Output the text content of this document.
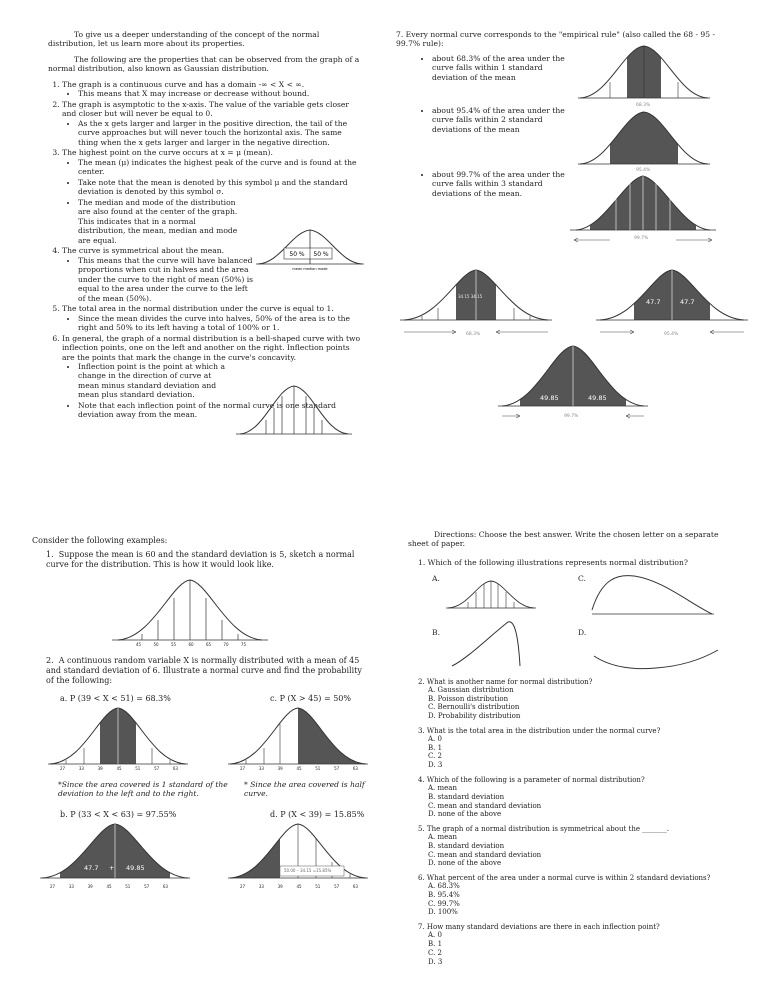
To give us a deeper understanding of the concept of the normal distribution, let us learn more about its properties.

The following are the properties that can be observed from the graph of a normal distribution, also known as Gaussian distribution.

1. The graph is a continuous curve and has a domain -∞ < X < ∞.
• This means that X may increase or decrease without bound.
2. The graph is asymptotic to the x-axis. The value of the variable gets closer and closer but will never be equal to 0.
• As the x gets larger and larger in the positive direction, the tail of the curve approaches but will never touch the horizontal axis. The same thing when the x gets larger and larger in the negative direction.
3. The highest point on the curve occurs at x = μ (mean).
• The mean (μ) indicates the highest peak of the curve and is found at the center.
• Take note that the mean is denoted by this symbol μ and the standard deviation is denoted by this symbol σ.
• The median and mode of the distribution are also found at the center of the graph. This indicates that in a normal distribution, the mean, median and mode are equal.
4. The curve is symmetrical about the mean.
• This means that the curve will have balanced proportions when cut in halves and the area under the curve to the right of mean (50%) is equal to the area under the curve to the left of the mean (50%).
5. The total area in the normal distribution under the curve is equal to 1.
• Since the mean divides the curve into halves, 50% of the area is to the right and 50% to its left having a total of 100% or 1.
6. In general, the graph of a normal distribution is a bell-shaped curve with two inflection points, one on the left and another on the right. Inflection points are the points that mark the change in the curve's concavity.
• Inflection point is the point at which a change in the direction of curve at mean minus standard deviation and mean plus standard deviation.
• Note that each inflection point of the normal curve is one standard deviation away from the mean.
50 % 50 %
mean median mode

7. Every normal curve corresponds to the "empirical rule" (also called the 68 - 95 - 99.7% rule):

• about 68.3% of the area under the curve falls within 1 standard deviation of the mean
• about 95.4% of the area under the curve falls within 2 standard deviations of the mean
• about 99.7% of the area under the curve falls within 3 standard deviations of the mean.
68.3%
95.4%
99.7%
34.15 34.15
68.3%
47.7	47.7
95.4%
49.85	49.85
99.7%
Consider the following examples:
1.  Suppose the mean is 60 and the standard deviation is 5, sketch a normal curve for the distribution. This is how it would look like.
45	50	55	60	65	70	75
2.  A continuous random variable X is normally distributed with a mean of 45 and standard deviation of 6. Illustrate a normal curve and find the probability of the following:
a. P (39 < X < 51) = 68.3%	c. P (X > 45) = 50%
27	33	39	45	51	57	63	27	33	39	45	51	57	63
*Since the area covered is 1 standard of the deviation to the left and to the right.
* Since the area covered is half curve.
b. P (33 < X < 63) = 97.55%	d. P (X < 39) = 15.85%
47.7 + 49.85
27	33	39	45	51	57	63
50.00 – 34.15 =15.85%
27	33	39	45	51	57	63
Directions: Choose the best answer. Write the chosen letter on a separate sheet of paper.
1. Which of the following illustrations represents normal distribution?
A.	C.
B.	D.
2. What is another name for normal distribution?
A. Gaussian distribution
B. Poisson distribution
C. Bernoulli's distribution
D. Probability distribution
3. What is the total area in the distribution under the normal curve?
A. 0
B. 1
C. 2
D. 3
4. Which of the following is a parameter of normal distribution?
A. mean
B. standard deviation
C. mean and standard deviation
D. none of the above
5. The graph of a normal distribution is symmetrical about the _______.
A. mean
B. standard deviation
C. mean and standard deviation
D. none of the above
6. What percent of the area under a normal curve is within 2 standard deviations?
A. 68.3%
B. 95.4%
C. 99.7%
D. 100%
7. How many standard deviations are there in each inflection point?
A. 0
B. 1
C. 2
D. 3
